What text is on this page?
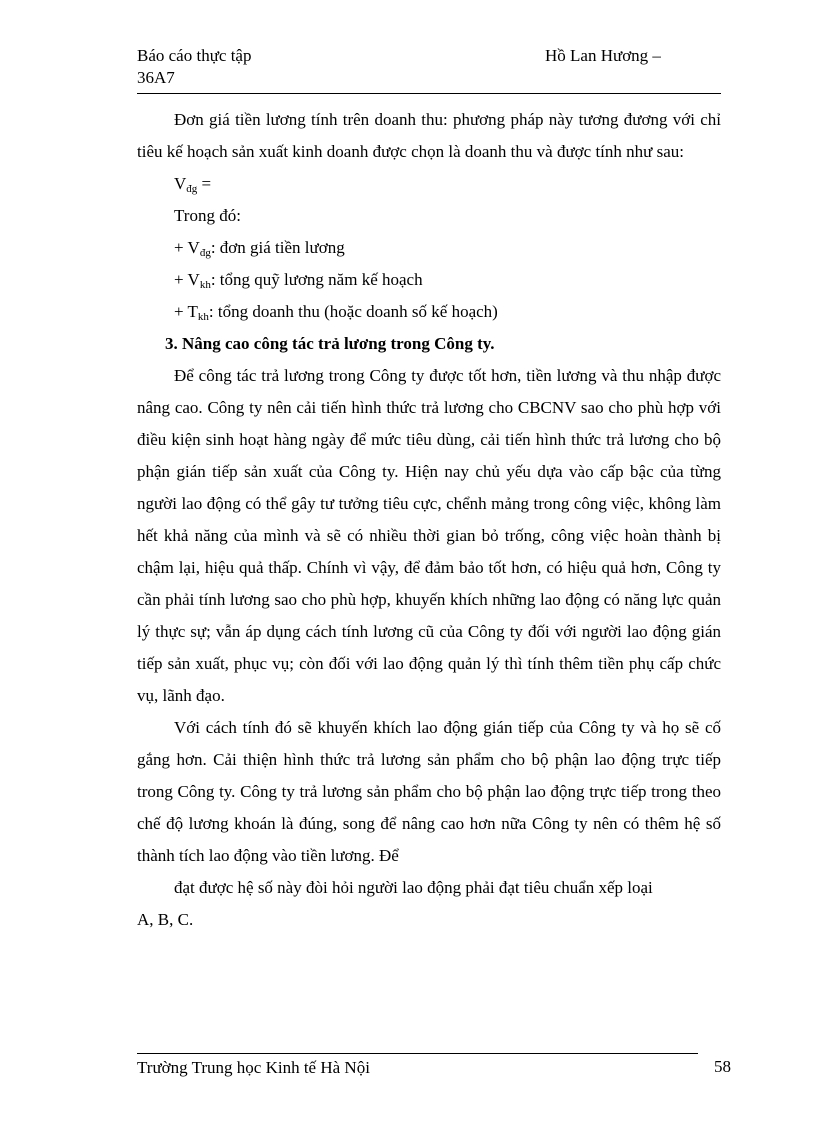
Báo cáo thực tập	Hồ Lan Hương –
36A7

Đơn giá tiền lương tính trên doanh thu: phương pháp này tương đương với chỉ tiêu kế hoạch sản xuất kinh doanh được chọn là doanh thu và được tính như sau:

$V_{đg}$ =

Trong đó:

+ $V_{đg}$: đơn giá tiền lương

+ $V_{kh}$: tổng quỹ lương năm kế hoạch

+ $T_{kh}$: tổng doanh thu (hoặc doanh số kế hoạch)

3. Nâng cao công tác trả lương trong Công ty.

Để công tác trả lương trong Công ty được tốt hơn, tiền lương và thu nhập được nâng cao. Công ty nên cải tiến hình thức trả lương cho CBCNV sao cho phù hợp với điều kiện sinh hoạt hàng ngày để mức tiêu dùng, cải tiến hình thức trả lương cho bộ phận gián tiếp sản xuất của Công ty. Hiện nay chủ yếu dựa vào cấp bậc của từng người lao động có thể gây tư tưởng tiêu cực, chểnh mảng trong công việc, không làm hết khả năng của mình và sẽ có nhiều thời gian bỏ trống, công việc hoàn thành bị chậm lại, hiệu quả thấp. Chính vì vậy, để đảm bảo tốt hơn, có hiệu quả hơn, Công ty cần phải tính lương sao cho phù hợp, khuyến khích những lao động có năng lực quản lý thực sự; vẫn áp dụng cách tính lương cũ của Công ty đối với người lao động gián tiếp sản xuất, phục vụ; còn đối với lao động quản lý thì tính thêm tiền phụ cấp chức vụ, lãnh đạo.

Với cách tính đó sẽ khuyến khích lao động gián tiếp của Công ty và họ sẽ cố gắng hơn. Cải thiện hình thức trả lương sản phẩm cho bộ phận lao động trực tiếp trong Công ty. Công ty trả lương sản phẩm cho bộ phận lao động trực tiếp trong theo chế độ lương khoán là đúng, song để nâng cao hơn nữa Công ty nên có thêm hệ số thành tích lao động vào tiền lương. Để

đạt được hệ số này đòi hỏi người lao động phải đạt tiêu chuẩn xếp loại

A, B, C.

Trường Trung học Kinh tế Hà Nội	58
